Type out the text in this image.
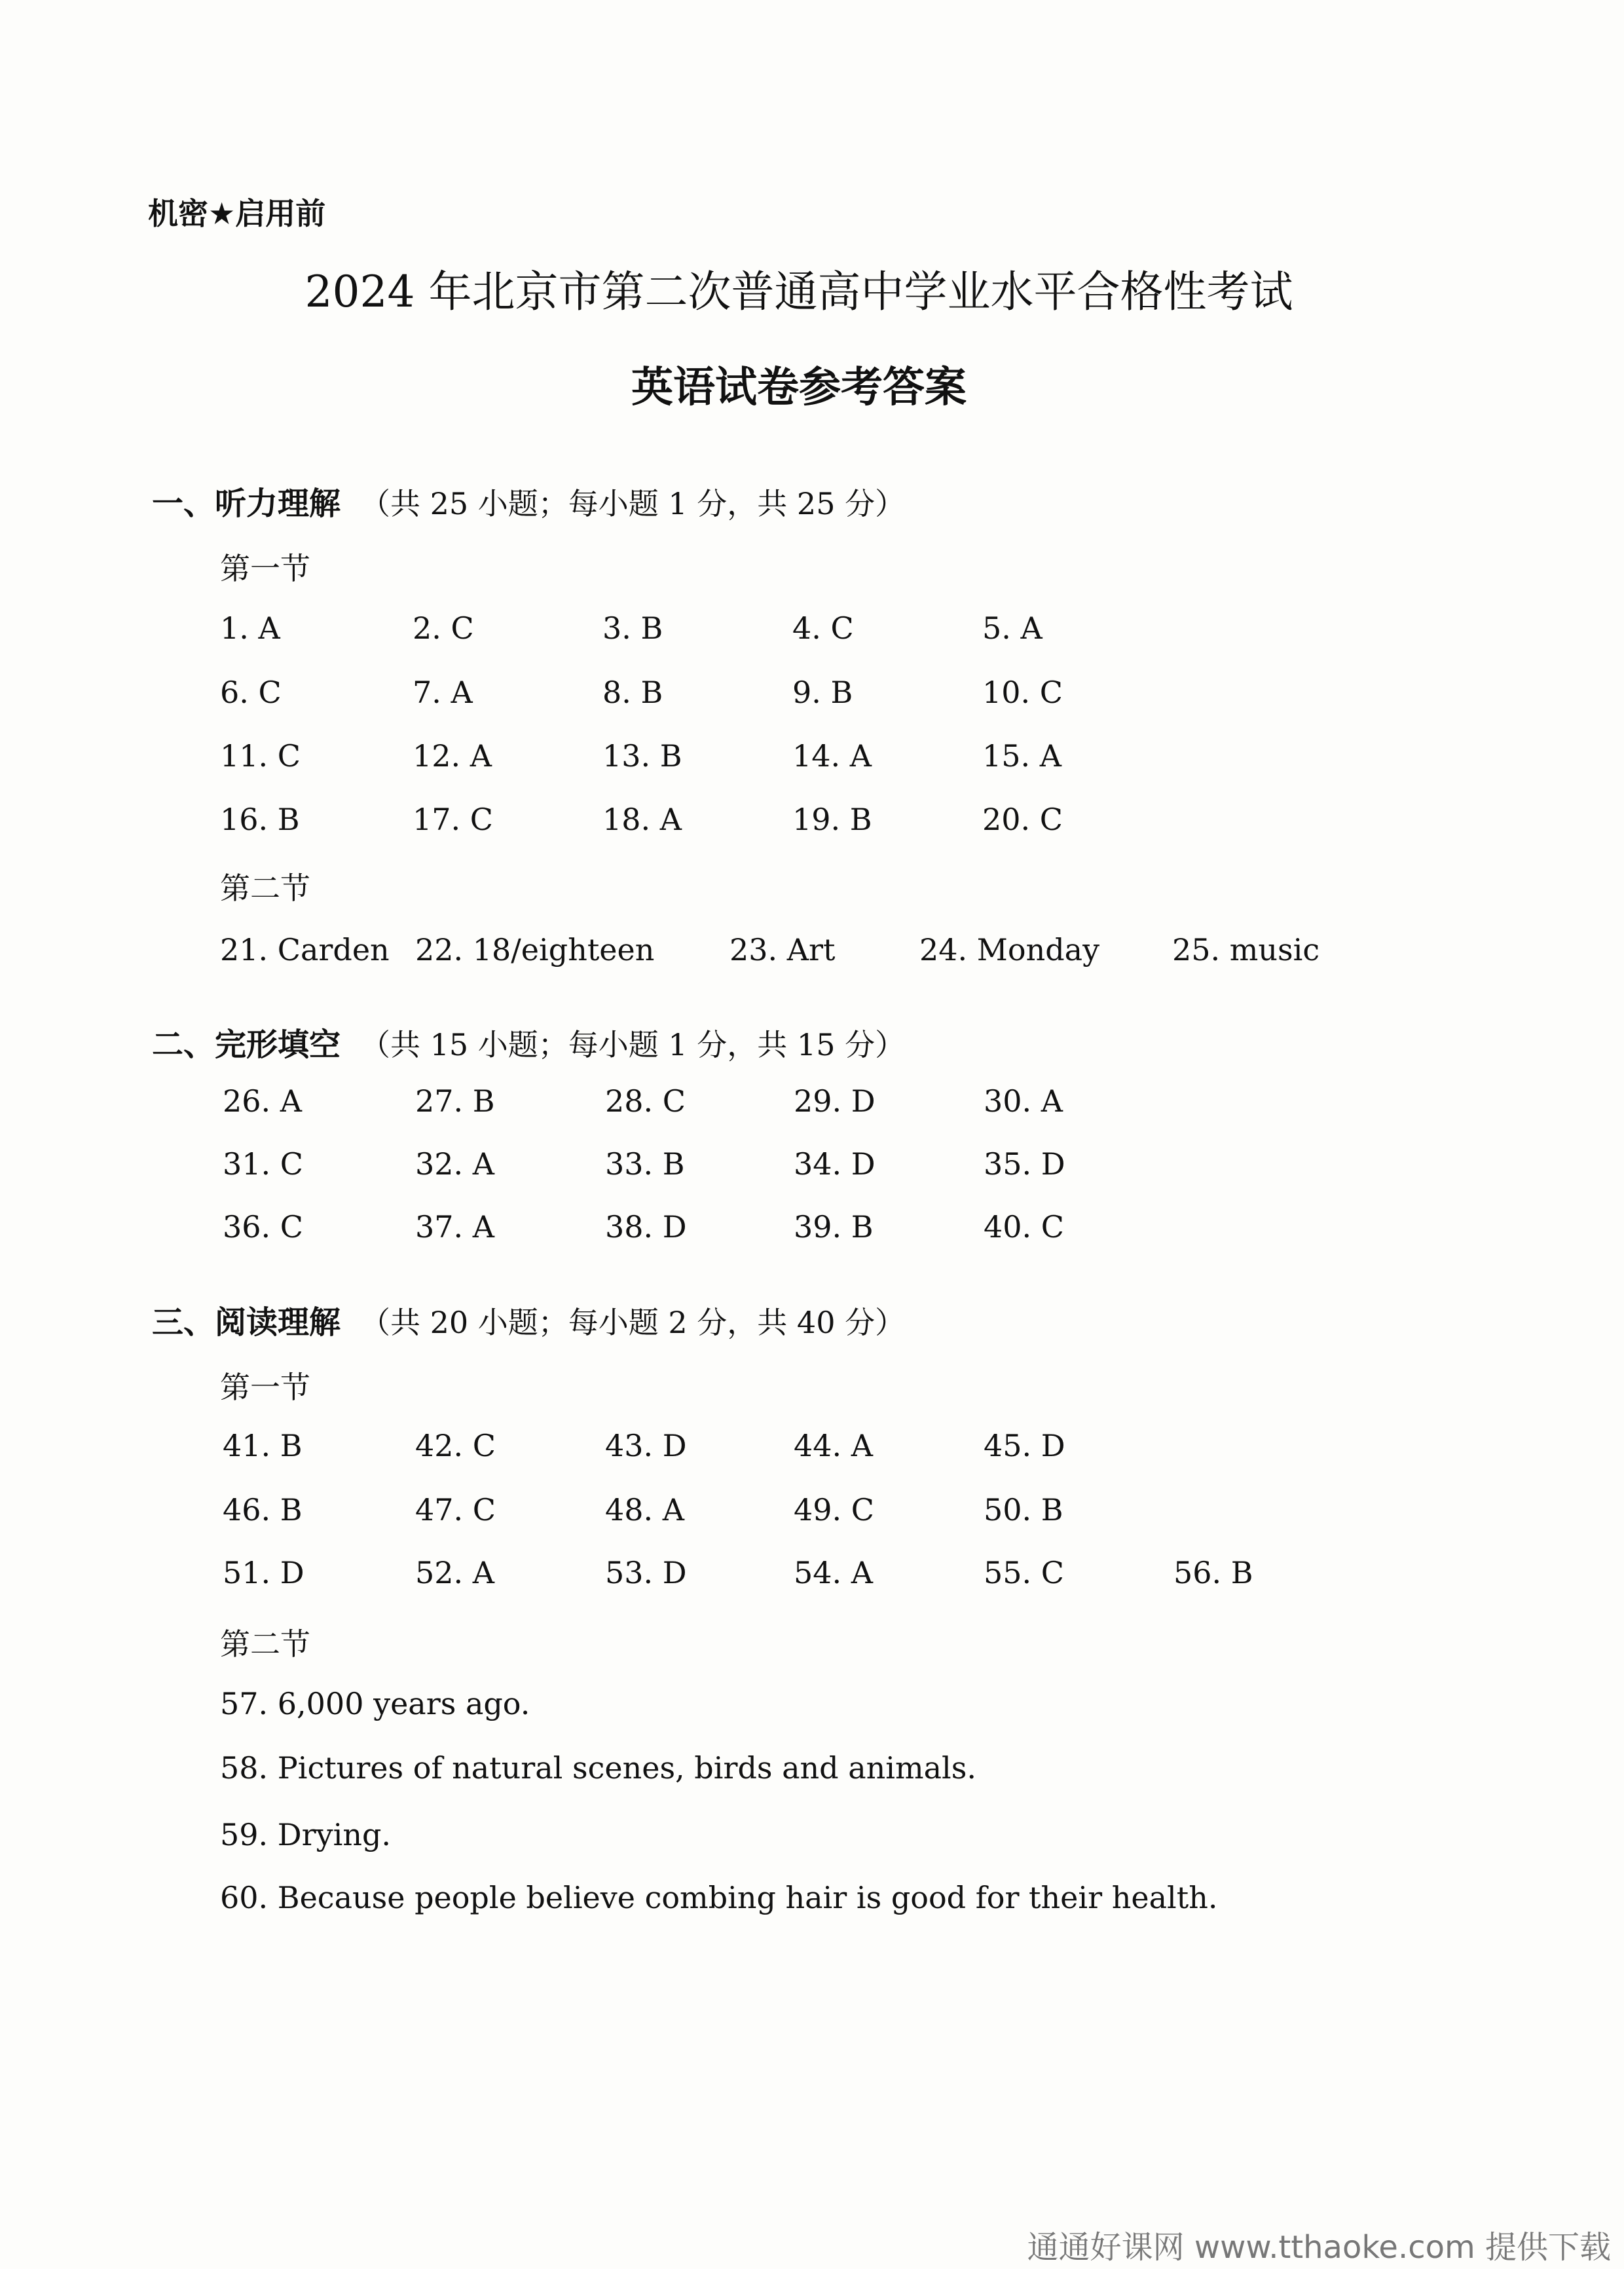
机密★启用前
2024 年北京市第二次普通高中学业水平合格性考试
英语试卷参考答案
一、听力理解 （共 25 小题；每小题 1 分，共 25 分）
第一节
1. A	2. C	3. B	4. C	5. A
6. C	7. A	8. B	9. B	10. C
11. C	12. A	13. B	14. A	15. A
16. B	17. C	18. A	19. B	20. C
第二节
21. Carden 22. 18/eighteen 23. Art	24. Monday 25. music
二、完形填空 （共 15 小题；每小题 1 分，共 15 分）
26. A	27. B	28. C	29. D	30. A
31. C	32. A	33. B	34. D	35. D
36. C	37. A	38. D	39. B	40. C
三、阅读理解 （共 20 小题；每小题 2 分，共 40 分）
第一节
41. B	42. C	43. D	44. A	45. D
46. B	47. C	48. A	49. C	50. B
51. D	52. A	53. D	54. A	55. C	56. B
第二节
57. 6,000 years ago.
58. Pictures of natural scenes, birds and animals.
59. Drying.
60. Because people believe combing hair is good for their health.
通通好课网 www.tthaoke.com 提供下载
